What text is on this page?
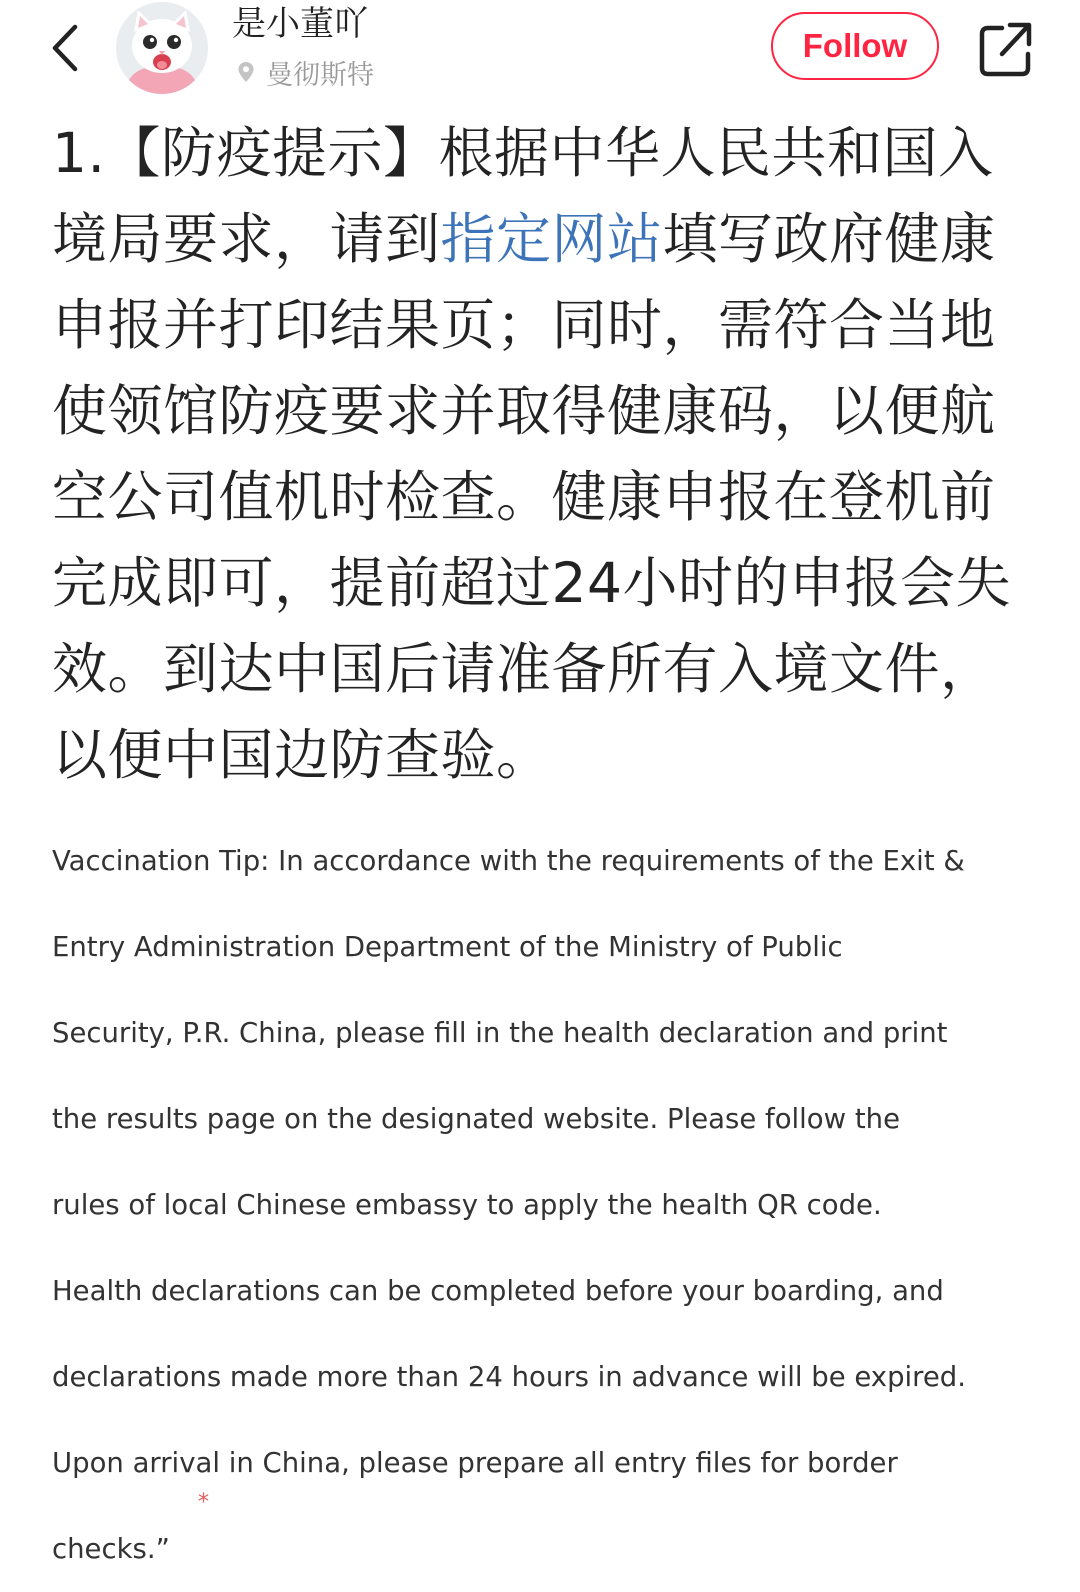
是小董吖
曼彻斯特
Follow
1.【防疫提示】根据中华人民共和国入境局要求，请到指定网站填写政府健康申报并打印结果页；同时，需符合当地使领馆防疫要求并取得健康码，以便航空公司值机时检查。健康申报在登机前完成即可，提前超过24小时的申报会失效。到达中国后请准备所有入境文件，以便中国边防查验。

Vaccination Tip: In accordance with the requirements of the Exit &

Entry Administration Department of the Ministry of Public

Security, P.R. China, please fill in the health declaration and print

the results page on the designated website. Please follow the

rules of local Chinese embassy to apply the health QR code.

Health declarations can be completed before your boarding, and

declarations made more than 24 hours in advance will be expired.

Upon arrival in China, please prepare all entry files for border

checks.”

*
